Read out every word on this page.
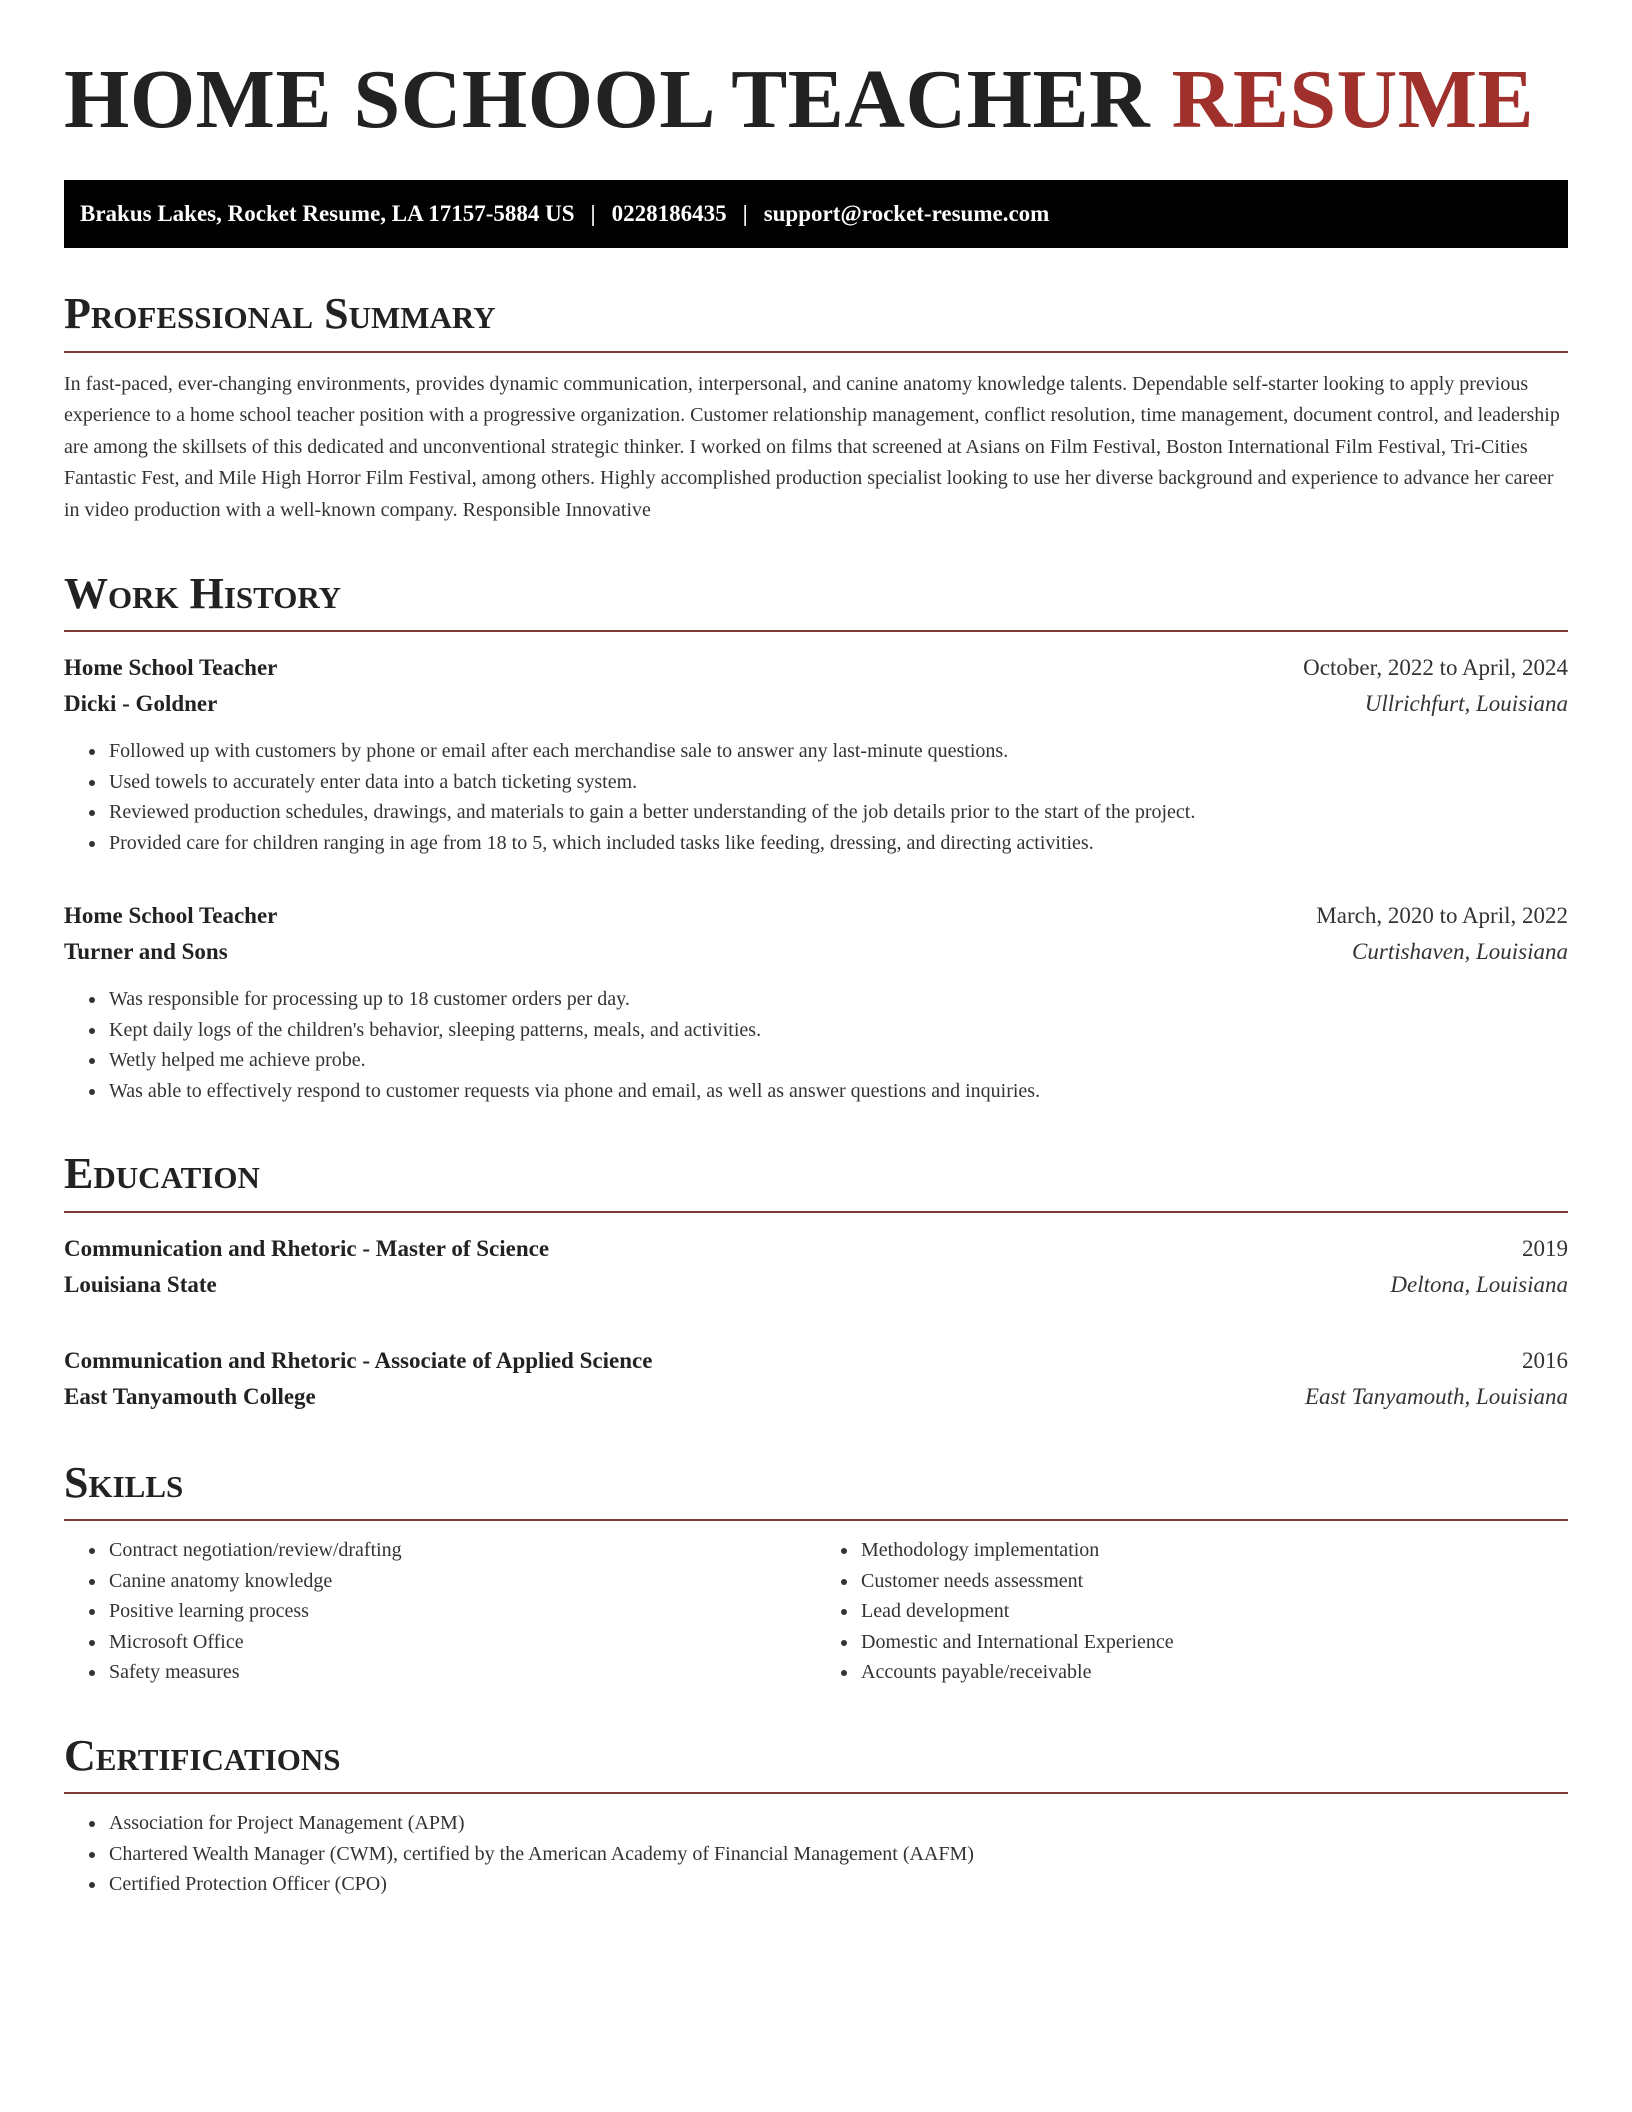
HOME SCHOOL TEACHER RESUME
Brakus Lakes, Rocket Resume, LA 17157-5884 US | 0228186435 | support@rocket-resume.com
Professional Summary

In fast-paced, ever-changing environments, provides dynamic communication, interpersonal, and canine anatomy knowledge talents. Dependable self-starter looking to apply previous experience to a home school teacher position with a progressive organization. Customer relationship management, conflict resolution, time management, document control, and leadership are among the skillsets of this dedicated and unconventional strategic thinker. I worked on films that screened at Asians on Film Festival, Boston International Film Festival, Tri-Cities Fantastic Fest, and Mile High Horror Film Festival, among others. Highly accomplished production specialist looking to use her diverse background and experience to advance her career in video production with a well-known company. Responsible Innovative

Work History
Home School Teacher	October, 2022 to April, 2024
Dicki - Goldner	Ullrichfurt, Louisiana
• Followed up with customers by phone or email after each merchandise sale to answer any last-minute questions.
• Used towels to accurately enter data into a batch ticketing system.
• Reviewed production schedules, drawings, and materials to gain a better understanding of the job details prior to the start of the project.
• Provided care for children ranging in age from 18 to 5, which included tasks like feeding, dressing, and directing activities.
Home School Teacher	March, 2020 to April, 2022
Turner and Sons	Curtishaven, Louisiana
• Was responsible for processing up to 18 customer orders per day.
• Kept daily logs of the children's behavior, sleeping patterns, meals, and activities.
• Wetly helped me achieve probe.
• Was able to effectively respond to customer requests via phone and email, as well as answer questions and inquiries.
Education
Communication and Rhetoric - Master of Science	2019
Louisiana State	Deltona, Louisiana
Communication and Rhetoric - Associate of Applied Science	2016
East Tanyamouth College	East Tanyamouth, Louisiana
Skills
• Contract negotiation/review/drafting
• Canine anatomy knowledge
• Positive learning process
• Microsoft Office
• Safety measures
• Methodology implementation
• Customer needs assessment
• Lead development
• Domestic and International Experience
• Accounts payable/receivable
Certifications
• Association for Project Management (APM)
• Chartered Wealth Manager (CWM), certified by the American Academy of Financial Management (AAFM)
• Certified Protection Officer (CPO)
